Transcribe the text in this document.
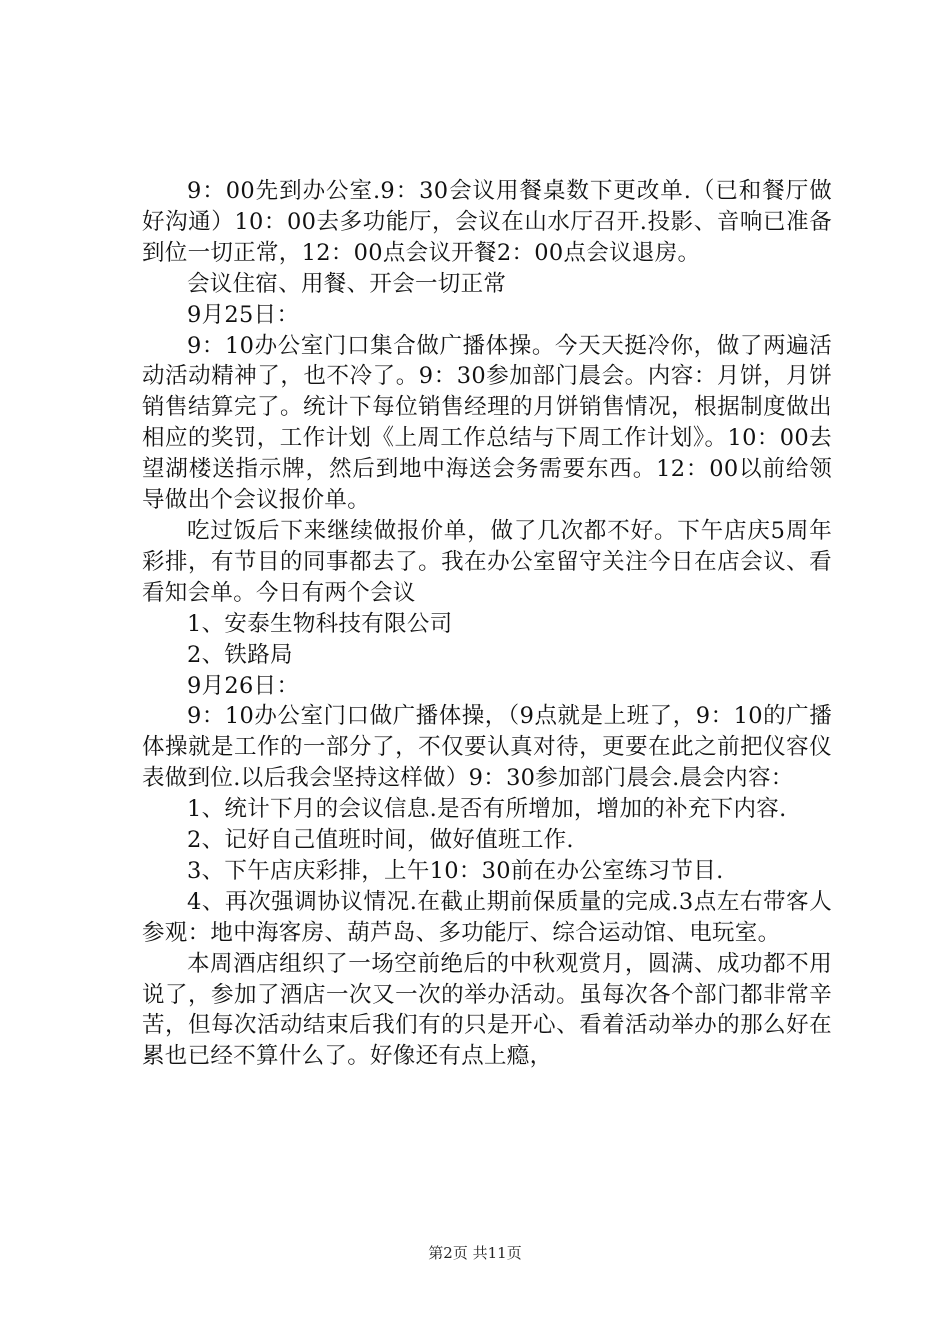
9：00先到办公室.9：30会议用餐桌数下更改单.（已和餐厅做好沟通）10：00去多功能厅，会议在山水厅召开.投影、音响已准备到位一切正常，12：00点会议开餐2：00点会议退房。

会议住宿、用餐、开会一切正常

9月25日：

9：10办公室门口集合做广播体操。今天天挺冷你，做了两遍活动活动精神了，也不冷了。9：30参加部门晨会。内容：月饼，月饼销售结算完了。统计下每位销售经理的月饼销售情况，根据制度做出相应的奖罚，工作计划《上周工作总结与下周工作计划》。10：00去望湖楼送指示牌，然后到地中海送会务需要东西。12：00以前给领导做出个会议报价单。

吃过饭后下来继续做报价单，做了几次都不好。下午店庆5周年彩排，有节目的同事都去了。我在办公室留守关注今日在店会议、看看知会单。今日有两个会议

1、安泰生物科技有限公司

2、铁路局

9月26日：

9：10办公室门口做广播体操，（9点就是上班了，9：10的广播体操就是工作的一部分了，不仅要认真对待，更要在此之前把仪容仪表做到位.以后我会坚持这样做）9：30参加部门晨会.晨会内容：

1、统计下月的会议信息.是否有所增加，增加的补充下内容.

2、记好自己值班时间，做好值班工作.

3、下午店庆彩排，上午10：30前在办公室练习节目.

4、再次强调协议情况.在截止期前保质量的完成.3点左右带客人参观：地中海客房、葫芦岛、多功能厅、综合运动馆、电玩室。

本周酒店组织了一场空前绝后的中秋观赏月，圆满、成功都不用说了，参加了酒店一次又一次的举办活动。虽每次各个部门都非常辛苦，但每次活动结束后我们有的只是开心、看着活动举办的那么好在累也已经不算什么了。好像还有点上瘾，

第2页 共11页
